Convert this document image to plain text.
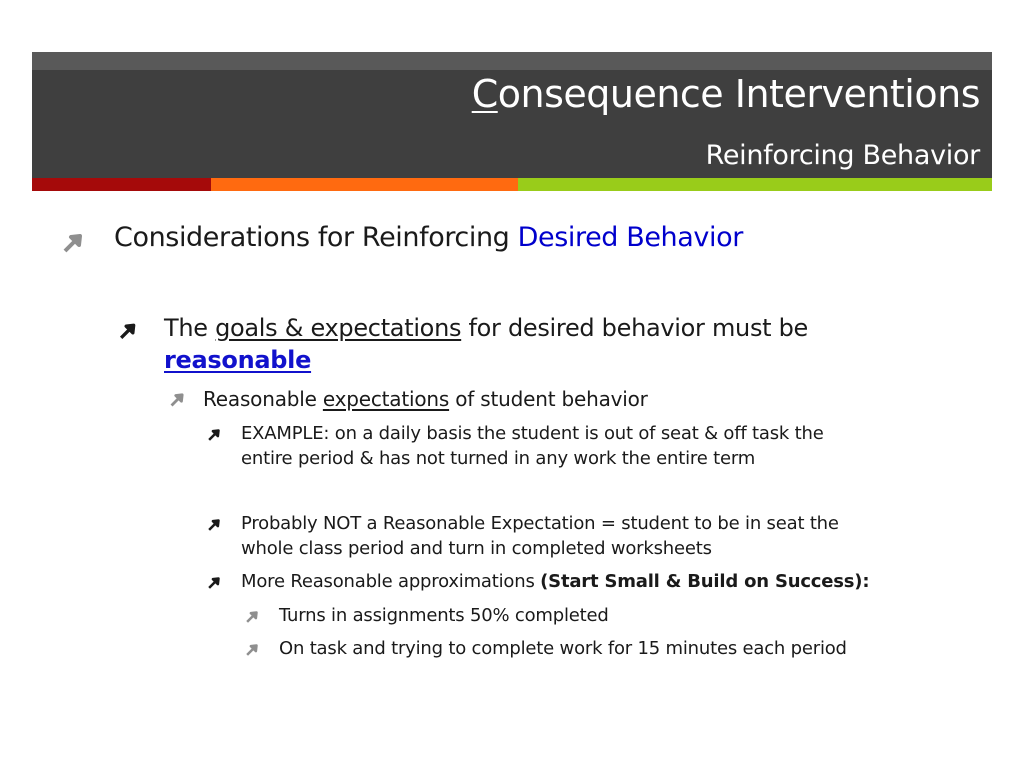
Consequence Interventions
Reinforcing Behavior
Considerations for Reinforcing Desired Behavior
The goals & expectations for desired behavior must be
reasonable
Reasonable expectations of student behavior
EXAMPLE: on a daily basis the student is out of seat & off task the
entire period & has not turned in any work the entire term
Probably NOT a Reasonable Expectation = student to be in seat the
whole class period and turn in completed worksheets
More Reasonable approximations (Start Small & Build on Success):
Turns in assignments 50% completed
On task and trying to complete work for 15 minutes each period
